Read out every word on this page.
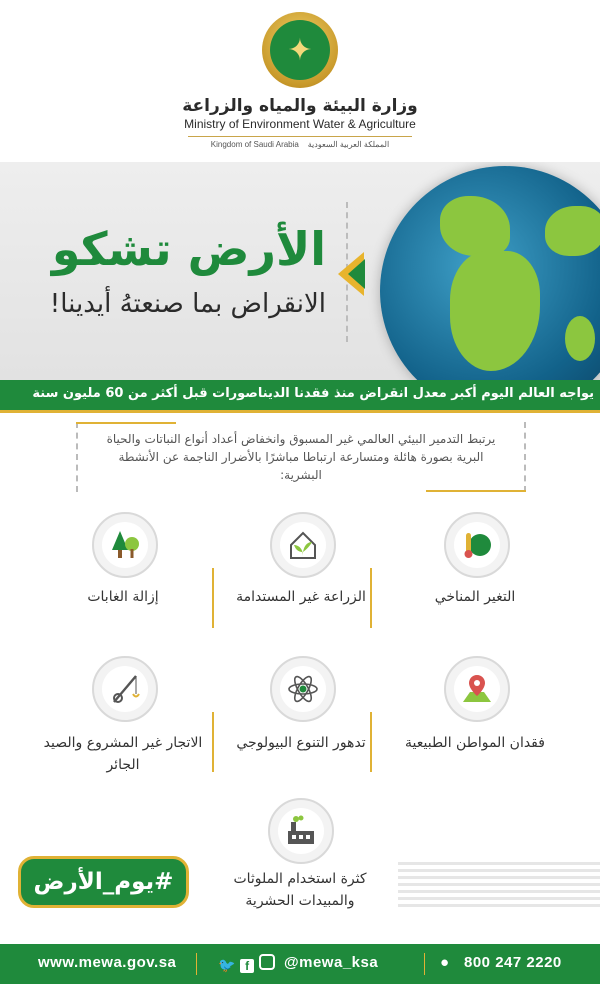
✦
وزارة البيئة والمياه والزراعة
Ministry of Environment Water & Agriculture
Kingdom of Saudi Arabia المملكة العربية السعودية
الأرض تشكو
الانقراض بما صنعتهُ أيدينا!
يواجه العالم اليوم أكبر معدل انقراض منذ فقدنا الديناصورات قبل أكثر من 60 مليون سنة

يرتبط التدمير البيئي العالمي غير المسبوق وانخفاض أعداد أنواع النباتات والحياة البرية بصورة هائلة ومتسارعة ارتباطا مباشرًا بالأضرار الناجمة عن الأنشطة البشرية:

التغير المناخي
الزراعة غير المستدامة
إزالة الغابات
فقدان المواطن الطبيعية
تدهور التنوع البيولوجي
الاتجار غير المشروع والصيد الجائر
كثرة استخدام الملوثات والمبيدات الحشرية
#يوم_الأرض
www.mewa.gov.sa	🐦 f	@mewa_ksa	● 800 247 2220
